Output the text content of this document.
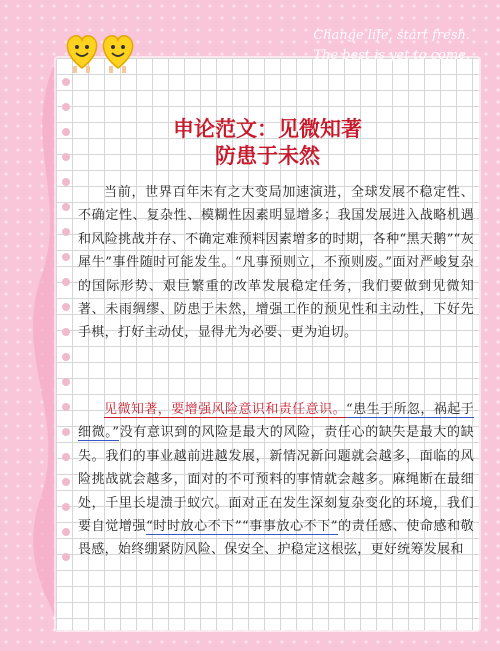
Change life, start fresh.
The best is yet to come.
申论范文：见微知著
防患于未然

当前，世界百年未有之大变局加速演进，全球发展不稳定性、不确定性、复杂性、模糊性因素明显增多；我国发展进入战略机遇和风险挑战并存、不确定难预料因素增多的时期，各种“黑天鹅”“灰犀牛”事件随时可能发生。“凡事预则立，不预则废。”面对严峻复杂的国际形势、艰巨繁重的改革发展稳定任务，我们要做到见微知著、未雨绸缪、防患于未然，增强工作的预见性和主动性，下好先手棋，打好主动仗，显得尤为必要、更为迫切。

见微知著，要增强风险意识和责任意识。“患生于所忽，祸起于细微。”没有意识到的风险是最大的风险，责任心的缺失是最大的缺失。我们的事业越前进越发展，新情况新问题就会越多，面临的风险挑战就会越多，面对的不可预料的事情就会越多。麻绳断在最细处，千里长堤溃于蚁穴。面对正在发生深刻复杂变化的环境，我们要自觉增强“时时放心不下”“事事放心不下”的责任感、使命感和敬畏感，始终绷紧防风险、保安全、护稳定这根弦，更好统筹发展和
